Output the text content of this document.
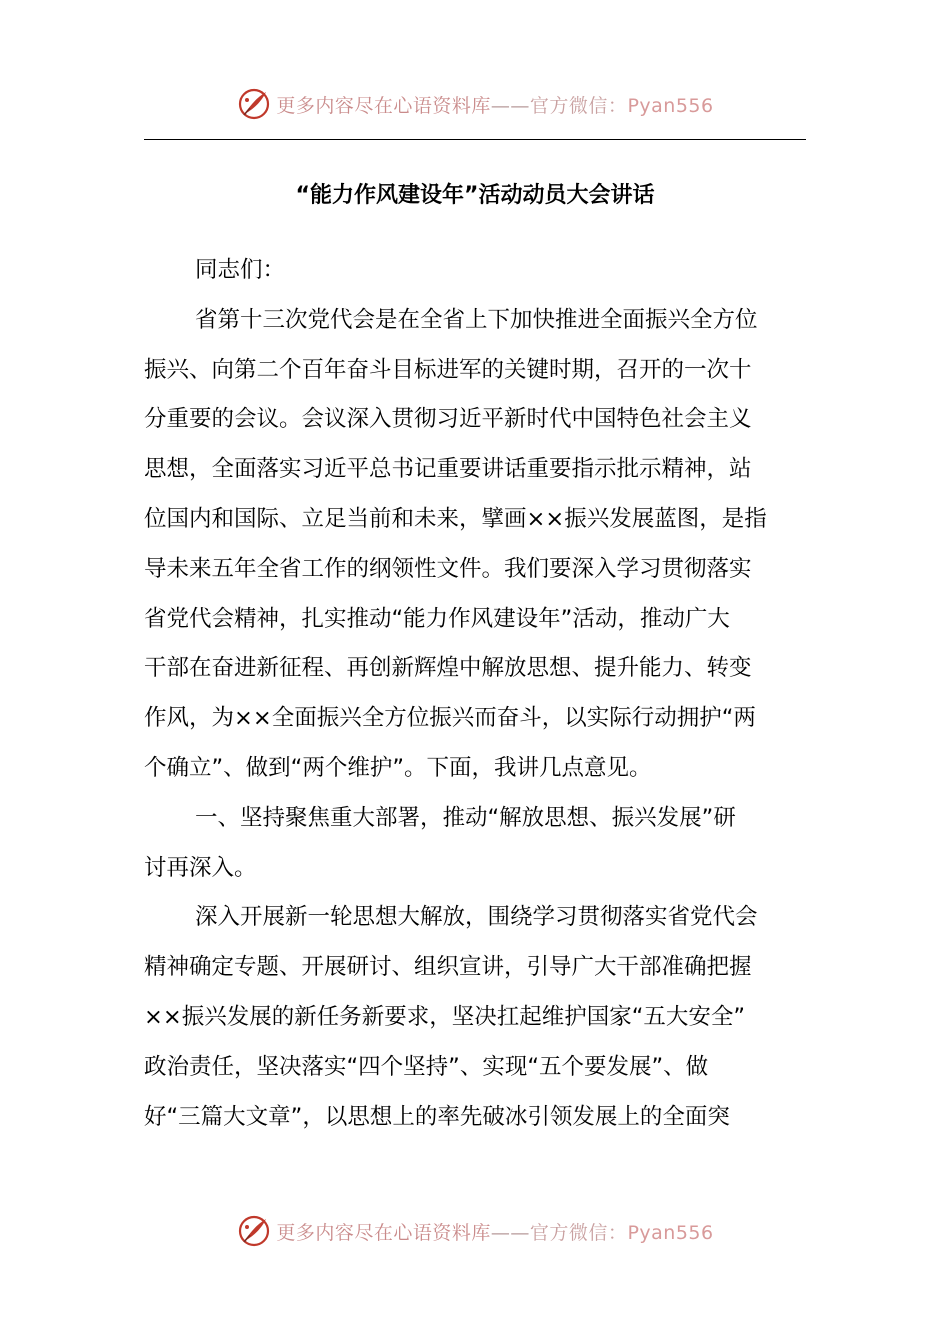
更多内容尽在心语资料库——官方微信：Pyan556
“能力作风建设年”活动动员大会讲话
同志们：
省第十三次党代会是在全省上下加快推进全面振兴全方位
振兴、向第二个百年奋斗目标进军的关键时期，召开的一次十
分重要的会议。会议深入贯彻习近平新时代中国特色社会主义
思想，全面落实习近平总书记重要讲话重要指示批示精神，站
位国内和国际、立足当前和未来，擘画××振兴发展蓝图，是指
导未来五年全省工作的纲领性文件。我们要深入学习贯彻落实
省党代会精神，扎实推动“能力作风建设年”活动，推动广大
干部在奋进新征程、再创新辉煌中解放思想、提升能力、转变
作风，为××全面振兴全方位振兴而奋斗，以实际行动拥护“两
个确立”、做到“两个维护”。下面，我讲几点意见。
一、坚持聚焦重大部署，推动“解放思想、振兴发展”研
讨再深入。
深入开展新一轮思想大解放，围绕学习贯彻落实省党代会
精神确定专题、开展研讨、组织宣讲，引导广大干部准确把握
××振兴发展的新任务新要求，坚决扛起维护国家“五大安全”
政治责任，坚决落实“四个坚持”、实现“五个要发展”、做
好“三篇大文章”，以思想上的率先破冰引领发展上的全面突
更多内容尽在心语资料库——官方微信：Pyan556
